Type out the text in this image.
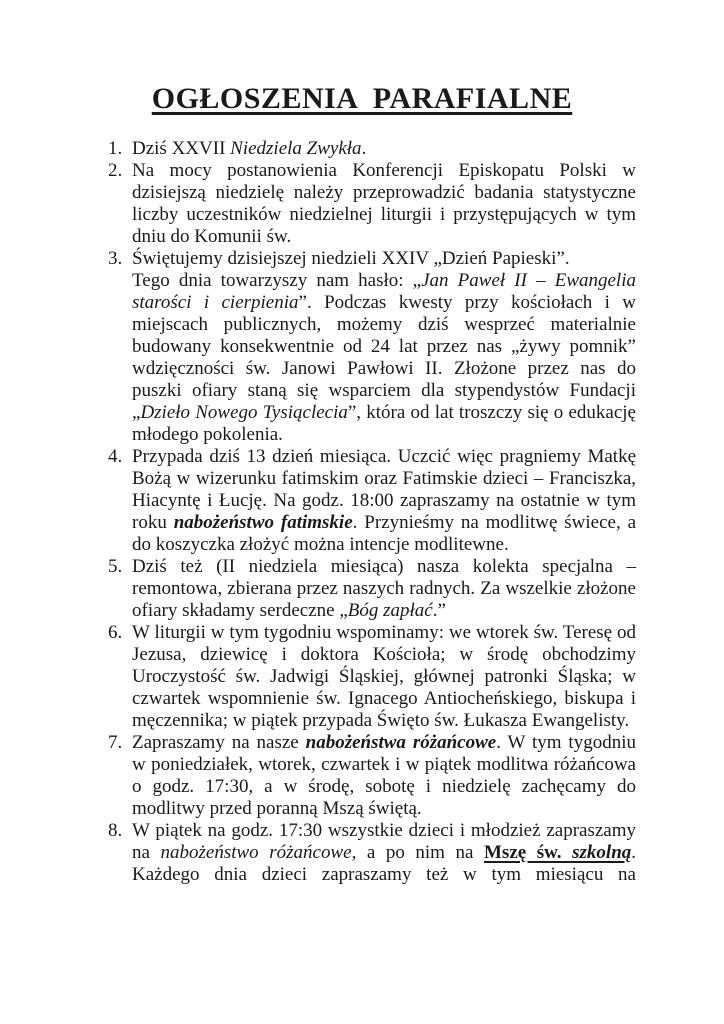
OGŁOSZENIA  PARAFIALNE
1. Dziś XXVII Niedziela Zwykła.

2. Na mocy postanowienia Konferencji Episkopatu Polski w dzisiejszą niedzielę należy przeprowadzić badania statystyczne liczby uczestników niedzielnej liturgii i przystępujących w tym dniu do Komunii św.

3. Świętujemy dzisiejszej niedzieli XXIV „Dzień Papieski”.

Tego dnia towarzyszy nam hasło: „Jan Paweł II – Ewangelia starości i cierpienia”. Podczas kwesty przy kościołach i w miejscach publicznych, możemy dziś wesprzeć materialnie budowany konsekwentnie od 24 lat przez nas „żywy pomnik” wdzięczności św. Janowi Pawłowi II. Złożone przez nas do puszki ofiary staną się wsparciem dla stypendystów Fundacji „Dzieło Nowego Tysiąclecia”, która od lat troszczy się o edukację młodego pokolenia.

4. Przypada dziś 13 dzień miesiąca. Uczcić więc pragniemy Matkę Bożą w wizerunku fatimskim oraz Fatimskie dzieci – Franciszka, Hiacyntę i Łucję. Na godz. 18:00 zapraszamy na ostatnie w tym roku nabożeństwo fatimskie. Przynieśmy na modlitwę świece, a do koszyczka złożyć można intencje modlitewne.

5. Dziś też (II niedziela miesiąca) nasza kolekta specjalna – remontowa, zbierana przez naszych radnych. Za wszelkie złożone ofiary składamy serdeczne „Bóg zapłać.”

6. W liturgii w tym tygodniu wspominamy: we wtorek św. Teresę od Jezusa, dziewicę i doktora Kościoła; w środę obchodzimy Uroczystość św. Jadwigi Śląskiej, głównej patronki Śląska; w czwartek wspomnienie św. Ignacego Antiocheńskiego, biskupa i męczennika; w piątek przypada Święto św. Łukasza Ewangelisty.

7. Zapraszamy na nasze nabożeństwa różańcowe. W tym tygodniu w poniedziałek, wtorek, czwartek i w piątek modlitwa różańcowa o godz. 17:30, a w środę, sobotę i niedzielę zachęcamy do modlitwy przed poranną Mszą świętą.

8. W piątek na godz. 17:30 wszystkie dzieci i młodzież zapraszamy na nabożeństwo różańcowe, a po nim na Mszę św. szkolną. Każdego dnia dzieci zapraszamy też w tym miesiącu na
